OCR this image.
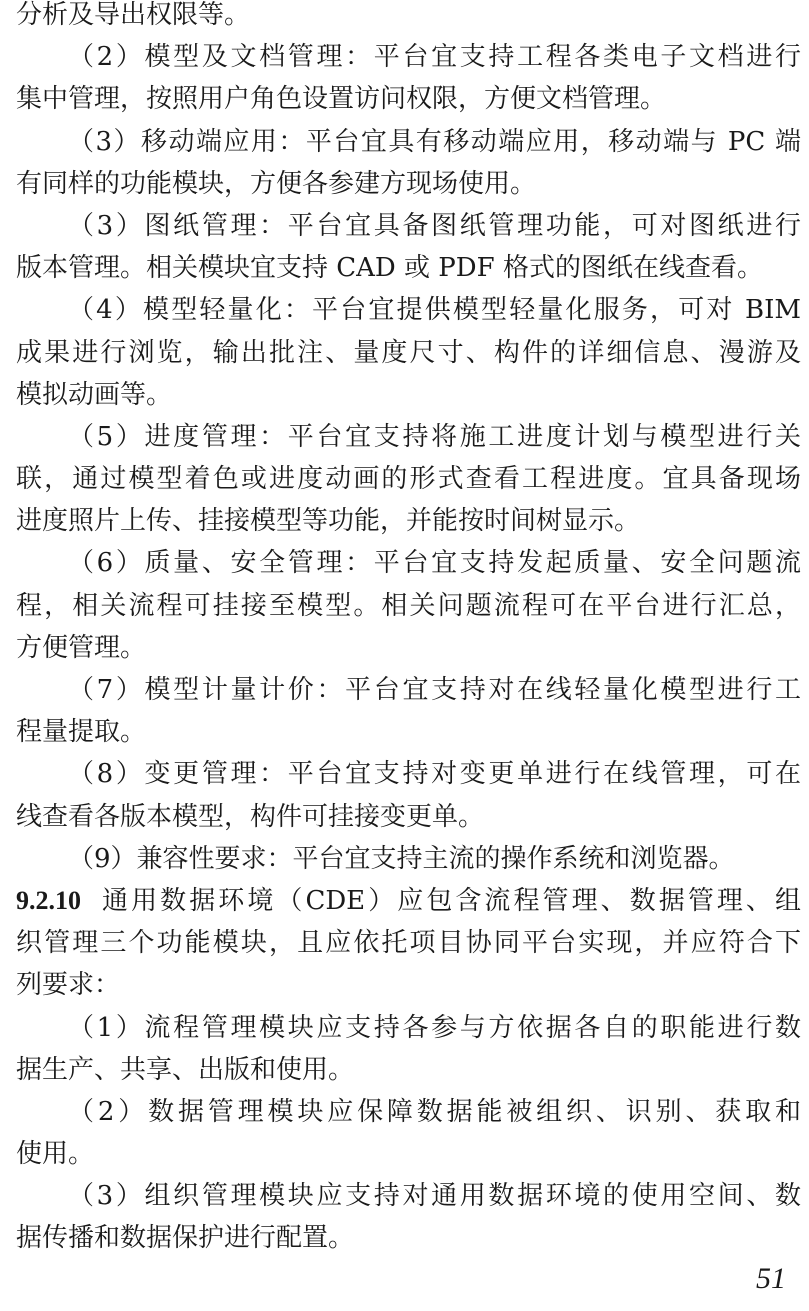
分析及导出权限等。
（2）模型及文档管理：平台宜支持工程各类电子文档进行
集中管理，按照用户角色设置访问权限，方便文档管理。
（3）移动端应用：平台宜具有移动端应用，移动端与 PC 端
有同样的功能模块，方便各参建方现场使用。
（3）图纸管理：平台宜具备图纸管理功能，可对图纸进行
版本管理。相关模块宜支持 CAD 或 PDF 格式的图纸在线查看。
（4）模型轻量化：平台宜提供模型轻量化服务，可对 BIM
成果进行浏览，输出批注、量度尺寸、构件的详细信息、漫游及
模拟动画等。
（5）进度管理：平台宜支持将施工进度计划与模型进行关
联，通过模型着色或进度动画的形式查看工程进度。宜具备现场
进度照片上传、挂接模型等功能，并能按时间树显示。
（6）质量、安全管理：平台宜支持发起质量、安全问题流
程，相关流程可挂接至模型。相关问题流程可在平台进行汇总，
方便管理。
（7）模型计量计价：平台宜支持对在线轻量化模型进行工
程量提取。
（8）变更管理：平台宜支持对变更单进行在线管理，可在
线查看各版本模型，构件可挂接变更单。
（9）兼容性要求：平台宜支持主流的操作系统和浏览器。
9.2.10 通用数据环境（CDE）应包含流程管理、数据管理、组
织管理三个功能模块，且应依托项目协同平台实现，并应符合下
列要求：
（1）流程管理模块应支持各参与方依据各自的职能进行数
据生产、共享、出版和使用。
（2）数据管理模块应保障数据能被组织、识别、获取和
使用。
（3）组织管理模块应支持对通用数据环境的使用空间、数
据传播和数据保护进行配置。
51
